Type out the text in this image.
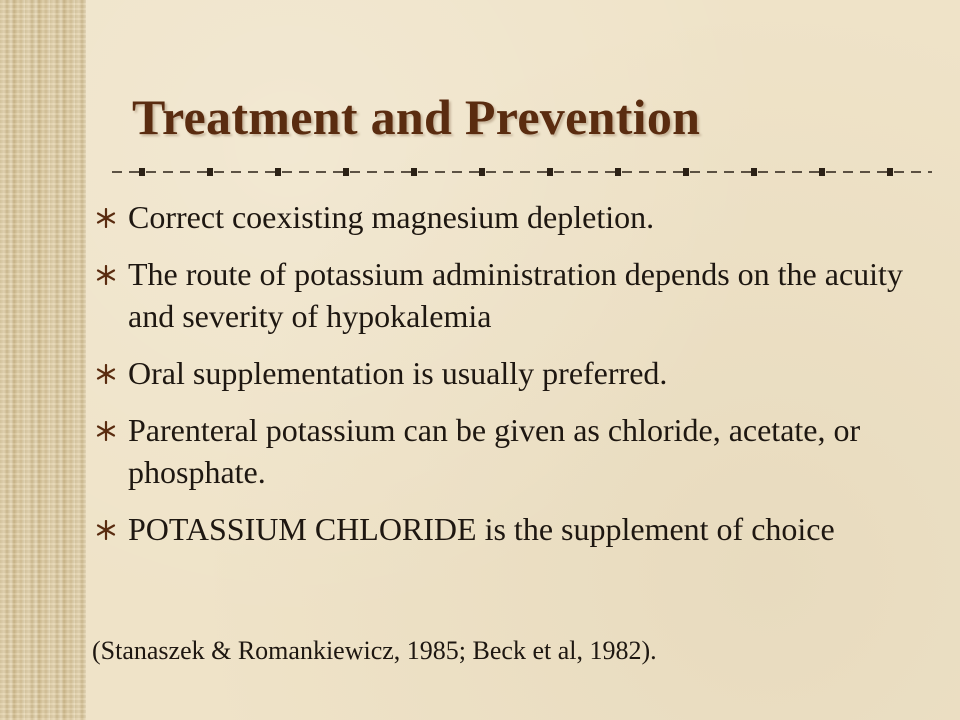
Treatment and Prevention
Correct coexisting magnesium depletion.
The route of potassium administration depends on the acuity and severity of hypokalemia
Oral supplementation is usually preferred.
Parenteral potassium can be given as chloride, acetate, or phosphate.
POTASSIUM CHLORIDE is the supplement of choice
(Stanaszek & Romankiewicz, 1985; Beck et al, 1982).
